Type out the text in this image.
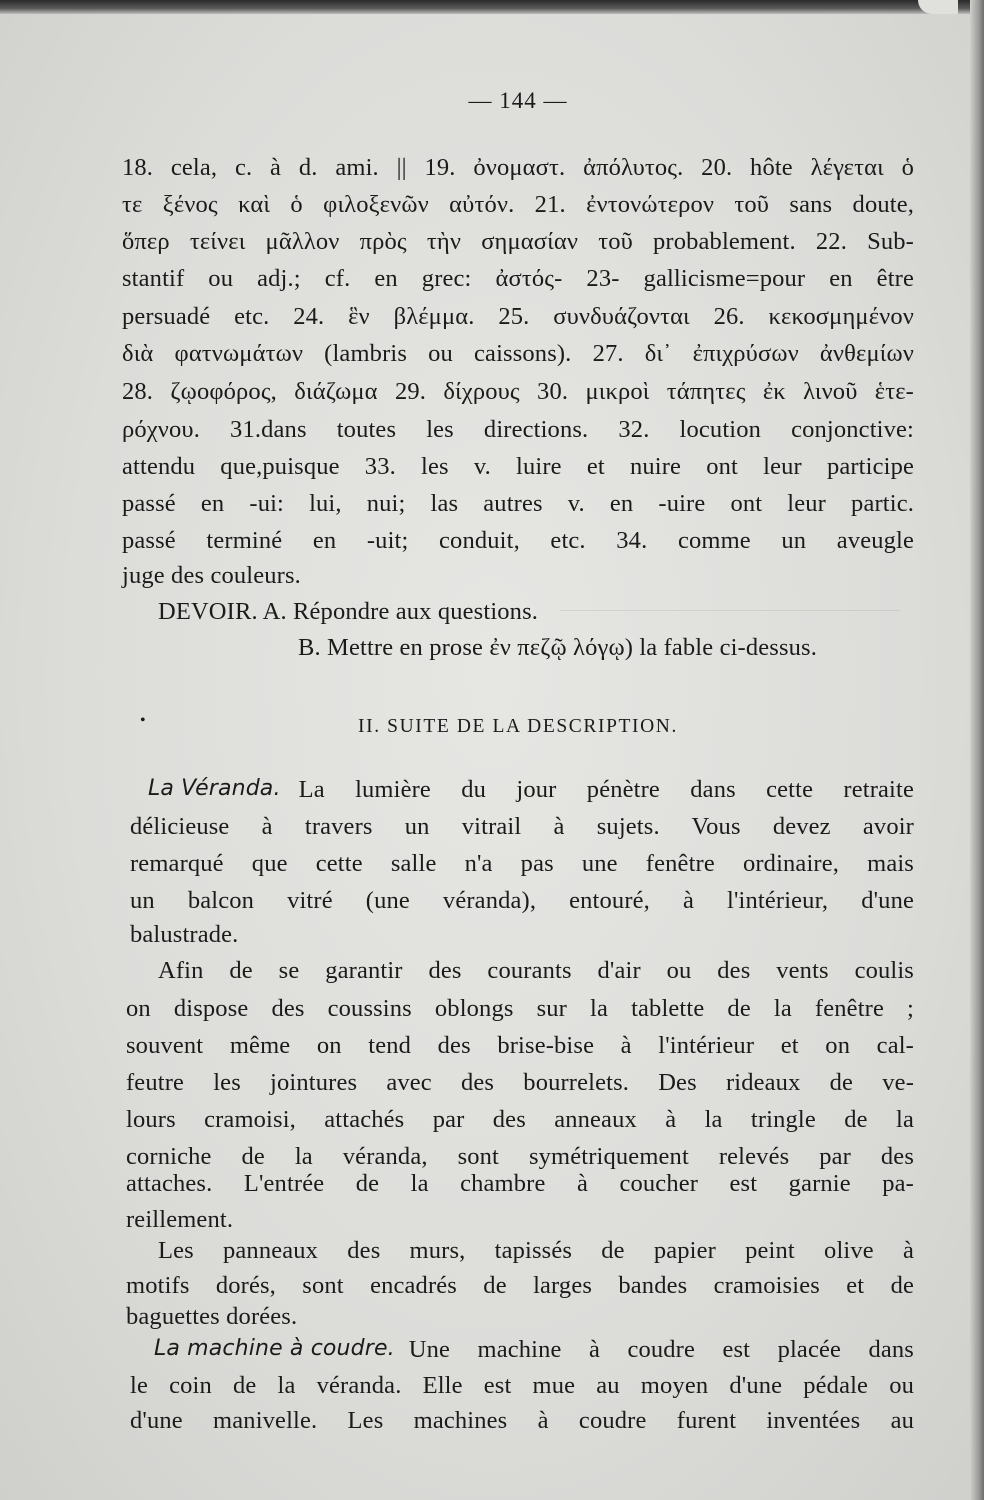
— 144 —
18. cela, c. à d. ami. || 19. ὀνομαστ. ἀπόλυτος. 20. hôte λέγεται ὁ
τε ξένος καὶ ὁ φιλοξενῶν αὐτόν. 21. ἐντονώτερον τοῦ sans doute,
ὅπερ τείνει μᾶλλον πρὸς τὴν σημασίαν τοῦ probablement. 22. Sub-
stantif ou adj.; cf. en grec: ἀστός- 23- gallicisme=pour en être
persuadé etc. 24. ἓν βλέμμα. 25. συνδυάζονται 26. κεκοσμημένον
διὰ φατνωμάτων (lambris ou caissons). 27. δι᾽ ἐπιχρύσων ἀνθεμίων
28. ζῳοφόρος, διάζωμα 29. δίχρους 30. μικροὶ τάπητες ἐκ λινοῦ ἑτε-
ρόχνου. 31.dans toutes les directions. 32. locution conjonctive:
attendu que,puisque 33. les v. luire et nuire ont leur participe
passé en -ui: lui, nui; las autres v. en -uire ont leur partic.
passé terminé en -uit; conduit, etc. 34. comme un aveugle
juge des couleurs.
DEVOIR. A. Répondre aux questions.
B. Mettre en prose ἐν πεζῷ λόγῳ) la fable ci-dessus.
•	II. SUITE DE LA DESCRIPTION.
La Véranda. La lumière du jour pénètre dans cette retraite
délicieuse à travers un vitrail à sujets. Vous devez avoir
remarqué que cette salle n'a pas une fenêtre ordinaire, mais
un balcon vitré (une véranda), entouré, à l'intérieur, d'une
balustrade.
Afin de se garantir des courants d'air ou des vents coulis
on dispose des coussins oblongs sur la tablette de la fenêtre ;
souvent même on tend des brise-bise à l'intérieur et on cal-
feutre les jointures avec des bourrelets. Des rideaux de ve-
lours cramoisi, attachés par des anneaux à la tringle de la
corniche de la véranda, sont symétriquement relevés par des
attaches. L'entrée de la chambre à coucher est garnie pa-
reillement.
Les panneaux des murs, tapissés de papier peint olive à
motifs dorés, sont encadrés de larges bandes cramoisies et de
baguettes dorées.
La machine à coudre. Une machine à coudre est placée dans
le coin de la véranda. Elle est mue au moyen d'une pédale ou
d'une manivelle. Les machines à coudre furent inventées au
